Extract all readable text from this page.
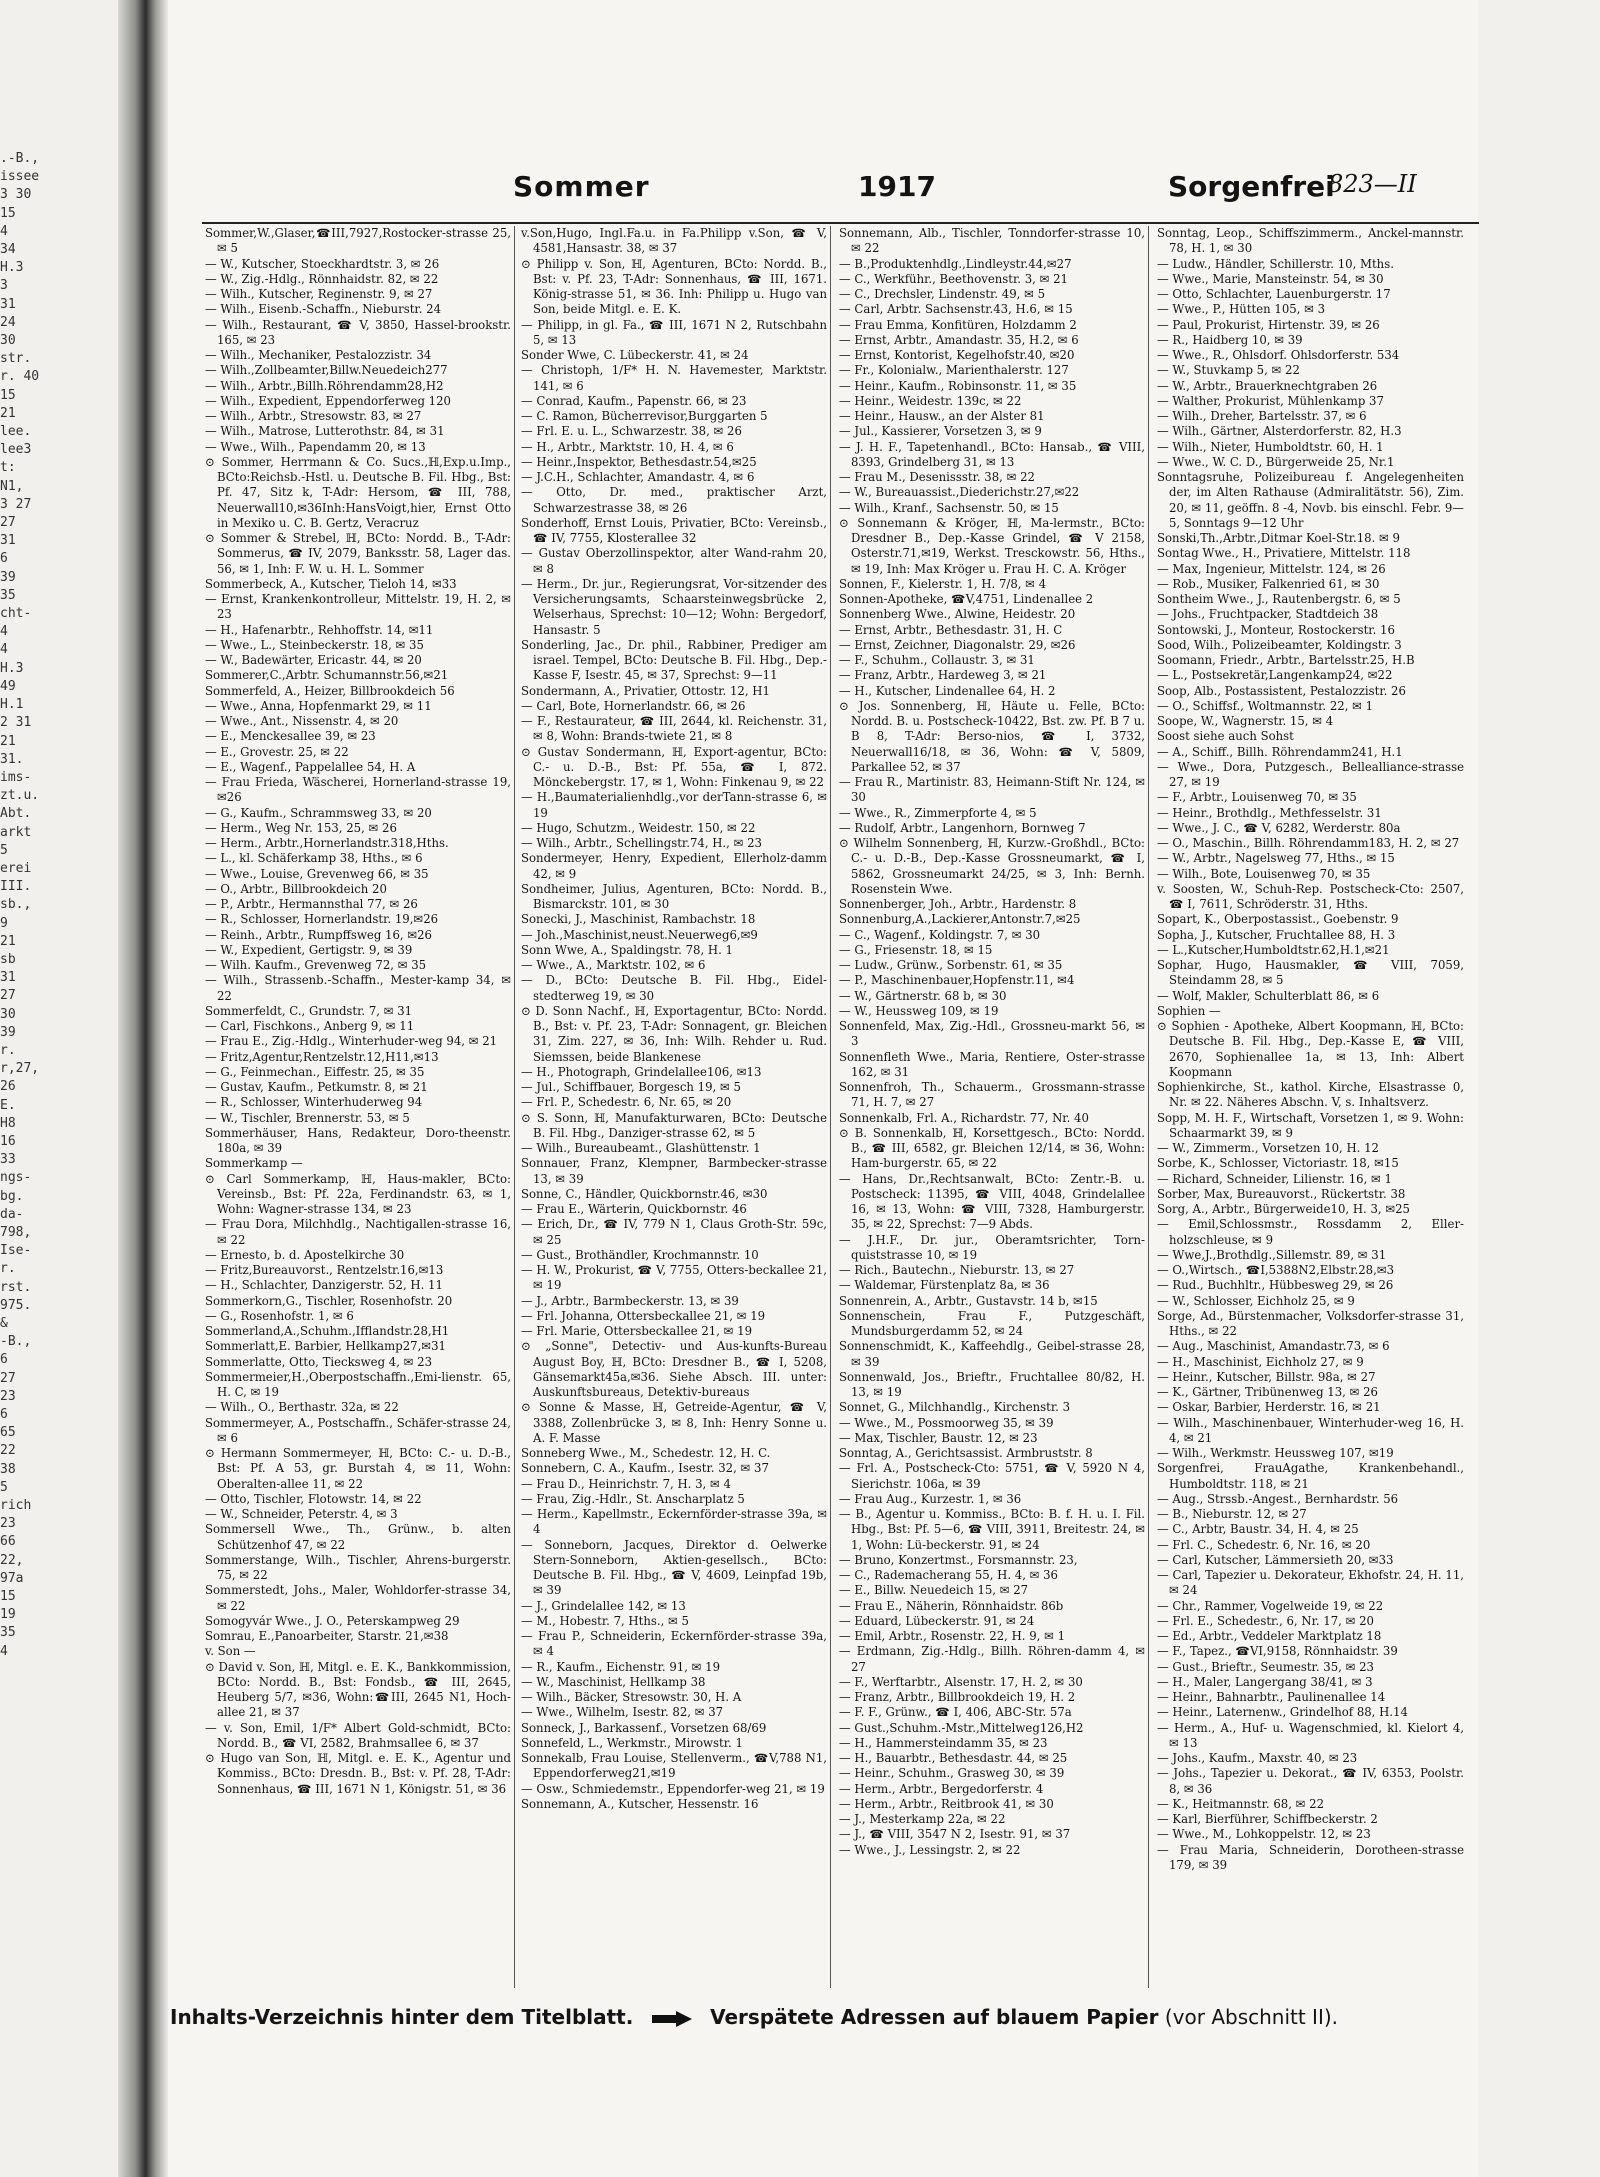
.-B.,
issee
3 30
15
4
34
H.3
3
31
24
30
str.
r. 40
15
21
lee.
lee3
t:
N1,
3 27
27
31
6
39
35
cht-
4
4
H.3
49
H.1
2 31
21
31.
ims-
zt.u.
Abt.
arkt
5
erei
III.
sb.,
9
21
sb
31
27
30
39
r.
r,27,
26
E.
H8
16
33
ngs-
bg.
da-
798,
Ise-
r.
rst.
975.
&
-B.,
6
27
23
6
65
22
38
5
rich
23
66
22,
97a
15
19
35
4
Sommer	1917	Sorgenfrei
823—II

Sommer,W.,Glaser,☎III,7927,Rostocker-strasse 25, ✉ 5

— W., Kutscher, Stoeckhardtstr. 3, ✉ 26

— W., Zig.-Hdlg., Rönnhaidstr. 82, ✉ 22

— Wilh., Kutscher, Reginenstr. 9, ✉ 27

— Wilh., Eisenb.-Schaffn., Nieburstr. 24

— Wilh., Restaurant, ☎ V, 3850, Hassel-brookstr. 165, ✉ 23

— Wilh., Mechaniker, Pestalozzistr. 34

— Wilh.,Zollbeamter,Billw.Neuedeich277

— Wilh., Arbtr.,Billh.Röhrendamm28,H2

— Wilh., Expedient, Eppendorferweg 120

— Wilh., Arbtr., Stresowstr. 83, ✉ 27

— Wilh., Matrose, Lutterothstr. 84, ✉ 31

— Wwe., Wilh., Papendamm 20, ✉ 13

⊙ Sommer, Herrmann & Co. Sucs.,ℍ,Exp.u.Imp., BCto:Reichsb.-Hstl. u. Deutsche B. Fil. Hbg., Bst: Pf. 47, Sitz k, T-Adr: Hersom, ☎ III, 788, Neuerwall10,✉36Inh:HansVoigt,hier, Ernst Otto in Mexiko u. C. B. Gertz, Veracruz

⊙ Sommer & Strebel, ℍ, BCto: Nordd. B., T-Adr: Sommerus, ☎ IV, 2079, Banksstr. 58, Lager das. 56, ✉ 1, Inh: F. W. u. H. L. Sommer

Sommerbeck, A., Kutscher, Tieloh 14, ✉33

— Ernst, Krankenkontrolleur, Mittelstr. 19, H. 2, ✉ 23

— H., Hafenarbtr., Rehhoffstr. 14, ✉11

— Wwe., L., Steinbeckerstr. 18, ✉ 35

— W., Badewärter, Ericastr. 44, ✉ 20

Sommerer,C.,Arbtr. Schumannstr.56,✉21

Sommerfeld, A., Heizer, Billbrookdeich 56

— Wwe., Anna, Hopfenmarkt 29, ✉ 11

— Wwe., Ant., Nissenstr. 4, ✉ 20

— E., Menckesallee 39, ✉ 23

— E., Grovestr. 25, ✉ 22

— E., Wagenf., Pappelallee 54, H. A

— Frau Frieda, Wäscherei, Hornerland-strasse 19,✉26

— G., Kaufm., Schrammsweg 33, ✉ 20

— Herm., Weg Nr. 153, 25, ✉ 26

— Herm., Arbtr.,Hornerlandstr.318,Hths.

— L., kl. Schäferkamp 38, Hths., ✉ 6

— Wwe., Louise, Grevenweg 66, ✉ 35

— O., Arbtr., Billbrookdeich 20

— P., Arbtr., Hermannsthal 77, ✉ 26

— R., Schlosser, Hornerlandstr. 19,✉26

— Reinh., Arbtr., Rumpffsweg 16, ✉26

— W., Expedient, Gertigstr. 9, ✉ 39

— Wilh. Kaufm., Grevenweg 72, ✉ 35

— Wilh., Strassenb.-Schaffn., Mester-kamp 34, ✉ 22

Sommerfeldt, C., Grundstr. 7, ✉ 31

— Carl, Fischkons., Anberg 9, ✉ 11

— Frau E., Zig.-Hdlg., Winterhuder-weg 94, ✉ 21

— Fritz,Agentur,Rentzelstr.12,H11,✉13

— G., Feinmechan., Eiffestr. 25, ✉ 35

— Gustav, Kaufm., Petkumstr. 8, ✉ 21

— R., Schlosser, Winterhuderweg 94

— W., Tischler, Brennerstr. 53, ✉ 5

Sommerhäuser, Hans, Redakteur, Doro-theenstr. 180a, ✉ 39

Sommerkamp —

⊙ Carl Sommerkamp, ℍ, Haus-makler, BCto: Vereinsb., Bst: Pf. 22a, Ferdinandstr. 63, ✉ 1, Wohn: Wagner-strasse 134, ✉ 23

— Frau Dora, Milchhdlg., Nachtigallen-strasse 16, ✉ 22

— Ernesto, b. d. Apostelkirche 30

— Fritz,Bureauvorst., Rentzelstr.16,✉13

— H., Schlachter, Danzigerstr. 52, H. 11

Sommerkorn,G., Tischler, Rosenhofstr. 20

— G., Rosenhofstr. 1, ✉ 6

Sommerland,A.,Schuhm.,Ifflandstr.28,H1

Sommerlatt,E. Barbier, Hellkamp27,✉31

Sommerlatte, Otto, Tiecksweg 4, ✉ 23

Sommermeier,H.,Oberpostschaffn.,Emi-lienstr. 65, H. C, ✉ 19

— Wilh., O., Berthastr. 32a, ✉ 22

Sommermeyer, A., Postschaffn., Schäfer-strasse 24, ✉ 6

⊙ Hermann Sommermeyer, ℍ, BCto: C.- u. D.-B., Bst: Pf. A 53, gr. Burstah 4, ✉ 11, Wohn: Oberalten-allee 11, ✉ 22

— Otto, Tischler, Flotowstr. 14, ✉ 22

— W., Schneider, Peterstr. 4, ✉ 3

Sommersell Wwe., Th., Grünw., b. alten Schützenhof 47, ✉ 22

Sommerstange, Wilh., Tischler, Ahrens-burgerstr. 75, ✉ 22

Sommerstedt, Johs., Maler, Wohldorfer-strasse 34, ✉ 22

Somogyvár Wwe., J. O., Peterskampweg 29

Somrau, E.,Panoarbeiter, Starstr. 21,✉38

v. Son —

⊙ David v. Son, ℍ, Mitgl. e. E. K., Bankkommission, BCto: Nordd. B., Bst: Fondsb., ☎ III, 2645, Heuberg 5/7, ✉36, Wohn:☎III, 2645 N1, Hoch-allee 21, ✉ 37

— v. Son, Emil, 1/F* Albert Gold-schmidt, BCto: Nordd. B., ☎ VI, 2582, Brahmsallee 6, ✉ 37

⊙ Hugo van Son, ℍ, Mitgl. e. E. K., Agentur und Kommiss., BCto: Dresdn. B., Bst: v. Pf. 28, T-Adr: Sonnenhaus, ☎ III, 1671 N 1, Königstr. 51, ✉ 36

v.Son,Hugo, Ingl.Fa.u. in Fa.Philipp v.Son, ☎ V, 4581,Hansastr. 38, ✉ 37

⊙ Philipp v. Son, ℍ, Agenturen, BCto: Nordd. B., Bst: v. Pf. 23, T-Adr: Sonnenhaus, ☎ III, 1671. König-strasse 51, ✉ 36. Inh: Philipp u. Hugo van Son, beide Mitgl. e. E. K.

— Philipp, in gl. Fa., ☎ III, 1671 N 2, Rutschbahn 5, ✉ 13

Sonder Wwe, C. Lübeckerstr. 41, ✉ 24

— Christoph, 1/F* H. N. Havemester, Marktstr. 141, ✉ 6

— Conrad, Kaufm., Papenstr. 66, ✉ 23

— C. Ramon, Bücherrevisor,Burggarten 5

— Frl. E. u. L., Schwarzestr. 38, ✉ 26

— H., Arbtr., Marktstr. 10, H. 4, ✉ 6

— Heinr.,Inspektor, Bethesdastr.54,✉25

— J.C.H., Schlachter, Amandastr. 4, ✉ 6

— Otto, Dr. med., praktischer Arzt, Schwarzestrasse 38, ✉ 26

Sonderhoff, Ernst Louis, Privatier, BCto: Vereinsb., ☎ IV, 7755, Klosterallee 32

— Gustav Oberzollinspektor, alter Wand-rahm 20, ✉ 8

— Herm., Dr. jur., Regierungsrat, Vor-sitzender des Versicherungsamts, Schaarsteinwegsbrücke 2, Welserhaus, Sprechst: 10—12; Wohn: Bergedorf, Hansastr. 5

Sonderling, Jac., Dr. phil., Rabbiner, Prediger am israel. Tempel, BCto: Deutsche B. Fil. Hbg., Dep.-Kasse F, Isestr. 45, ✉ 37, Sprechst: 9—11

Sondermann, A., Privatier, Ottostr. 12, H1

— Carl, Bote, Hornerlandstr. 66, ✉ 26

— F., Restaurateur, ☎ III, 2644, kl. Reichenstr. 31, ✉ 8, Wohn: Brands-twiete 21, ✉ 8

⊙ Gustav Sondermann, ℍ, Export-agentur, BCto: C.- u. D.-B., Bst: Pf. 55a, ☎ I, 872. Mönckebergstr. 17, ✉ 1, Wohn: Finkenau 9, ✉ 22

— H.,Baumaterialienhdlg.,vor derTann-strasse 6, ✉ 19

— Hugo, Schutzm., Weidestr. 150, ✉ 22

— Wilh., Arbtr., Schellingstr.74, H., ✉ 23

Sondermeyer, Henry, Expedient, Ellerholz-damm 42, ✉ 9

Sondheimer, Julius, Agenturen, BCto: Nordd. B., Bismarckstr. 101, ✉ 30

Sonecki, J., Maschinist, Rambachstr. 18

— Joh.,Maschinist,neust.Neuerweg6,✉9

Sonn Wwe, A., Spaldingstr. 78, H. 1

— Wwe., A., Marktstr. 102, ✉ 6

— D., BCto: Deutsche B. Fil. Hbg., Eidel-stedterweg 19, ✉ 30

⊙ D. Sonn Nachf., ℍ, Exportagentur, BCto: Nordd. B., Bst: v. Pf. 23, T-Adr: Sonnagent, gr. Bleichen 31, Zim. 227, ✉ 36, Inh: Wilh. Rehder u. Rud. Siemssen, beide Blankenese

— H., Photograph, Grindelallee106, ✉13

— Jul., Schiffbauer, Borgesch 19, ✉ 5

— Frl. P., Schedestr. 6, Nr. 65, ✉ 20

⊙ S. Sonn, ℍ, Manufakturwaren, BCto: Deutsche B. Fil. Hbg., Danziger-strasse 62, ✉ 5

— Wilh., Bureaubeamt., Glashüttenstr. 1

Sonnauer, Franz, Klempner, Barmbecker-strasse 13, ✉ 39

Sonne, C., Händler, Quickbornstr.46, ✉30

— Frau E., Wärterin, Quickbornstr. 46

— Erich, Dr., ☎ IV, 779 N 1, Claus Groth-Str. 59c, ✉ 25

— Gust., Brothändler, Krochmannstr. 10

— H. W., Prokurist, ☎ V, 7755, Otters-beckallee 21, ✉ 19

— J., Arbtr., Barmbeckerstr. 13, ✉ 39

— Frl. Johanna, Ottersbeckallee 21, ✉ 19

— Frl. Marie, Ottersbeckallee 21, ✉ 19

⊙ „Sonne", Detectiv- und Aus-kunfts-Bureau August Boy, ℍ, BCto: Dresdner B., ☎ I, 5208, Gänsemarkt45a,✉36. Siehe Absch. III. unter: Auskunftsbureaus, Detektiv-bureaus

⊙ Sonne & Masse, ℍ, Getreide-Agentur, ☎ V, 3388, Zollenbrücke 3, ✉ 8, Inh: Henry Sonne u. A. F. Masse

Sonneberg Wwe., M., Schedestr. 12, H. C.

Sonnebern, C. A., Kaufm., Isestr. 32, ✉ 37

— Frau D., Heinrichstr. 7, H. 3, ✉ 4

— Frau, Zig.-Hdlr., St. Anscharplatz 5

— Herm., Kapellmstr., Eckernförder-strasse 39a, ✉ 4

— Sonneborn, Jacques, Direktor d. Oelwerke Stern-Sonneborn, Aktien-gesellsch., BCto: Deutsche B. Fil. Hbg., ☎ V, 4609, Leinpfad 19b, ✉ 39

— J., Grindelallee 142, ✉ 13

— M., Hobestr. 7, Hths., ✉ 5

— Frau P., Schneiderin, Eckernförder-strasse 39a, ✉ 4

— R., Kaufm., Eichenstr. 91, ✉ 19

— W., Maschinist, Hellkamp 38

— Wilh., Bäcker, Stresowstr. 30, H. A

— Wwe., Wilhelm, Isestr. 82, ✉ 37

Sonneck, J., Barkassenf., Vorsetzen 68/69

Sonnefeld, L., Werkmstr., Mirowstr. 1

Sonnekalb, Frau Louise, Stellenverm., ☎V,788 N1, Eppendorferweg21,✉19

— Osw., Schmiedemstr., Eppendorfer-weg 21, ✉ 19

Sonnemann, A., Kutscher, Hessenstr. 16

Sonnemann, Alb., Tischler, Tonndorfer-strasse 10, ✉ 22

— B.,Produktenhdlg.,Lindleystr.44,✉27

— C., Werkführ., Beethovenstr. 3, ✉ 21

— C., Drechsler, Lindenstr. 49, ✉ 5

— Carl, Arbtr. Sachsenstr.43, H.6, ✉ 15

— Frau Emma, Konfitüren, Holzdamm 2

— Ernst, Arbtr., Amandastr. 35, H.2, ✉ 6

— Ernst, Kontorist, Kegelhofstr.40, ✉20

— Fr., Kolonialw., Marienthalerstr. 127

— Heinr., Kaufm., Robinsonstr. 11, ✉ 35

— Heinr., Weidestr. 139c, ✉ 22

— Heinr., Hausw., an der Alster 81

— Jul., Kassierer, Vorsetzen 3, ✉ 9

— J. H. F., Tapetenhandl., BCto: Hansab., ☎ VIII, 8393, Grindelberg 31, ✉ 13

— Frau M., Desenissstr. 38, ✉ 22

— W., Bureauassist.,Diederichstr.27,✉22

— Wilh., Kranf., Sachsenstr. 50, ✉ 15

⊙ Sonnemann & Kröger, ℍ, Ma-lermstr., BCto: Dresdner B., Dep.-Kasse Grindel, ☎ V 2158, Osterstr.71,✉19, Werkst. Tresckowstr. 56, Hths., ✉ 19, Inh: Max Kröger u. Frau H. C. A. Kröger

Sonnen, F., Kielerstr. 1, H. 7/8, ✉ 4

Sonnen-Apotheke, ☎V,4751, Lindenallee 2

Sonnenberg Wwe., Alwine, Heidestr. 20

— Ernst, Arbtr., Bethesdastr. 31, H. C

— Ernst, Zeichner, Diagonalstr. 29, ✉26

— F., Schuhm., Collaustr. 3, ✉ 31

— Franz, Arbtr., Hardeweg 3, ✉ 21

— H., Kutscher, Lindenallee 64, H. 2

⊙ Jos. Sonnenberg, ℍ, Häute u. Felle, BCto: Nordd. B. u. Postscheck-10422, Bst. zw. Pf. B 7 u. B 8, T-Adr: Berso-nios, ☎ I, 3732, Neuerwall16/18, ✉ 36, Wohn: ☎ V, 5809, Parkallee 52, ✉ 37

— Frau R., Martinistr. 83, Heimann-Stift Nr. 124, ✉ 30

— Wwe., R., Zimmerpforte 4, ✉ 5

— Rudolf, Arbtr., Langenhorn, Bornweg 7

⊙ Wilhelm Sonnenberg, ℍ, Kurzw.-Großhdl., BCto: C.- u. D.-B., Dep.-Kasse Grossneumarkt, ☎ I, 5862, Grossneumarkt 24/25, ✉ 3, Inh: Bernh. Rosenstein Wwe.

Sonnenberger, Joh., Arbtr., Hardenstr. 8

Sonnenburg,A.,Lackierer,Antonstr.7,✉25

— C., Wagenf., Koldingstr. 7, ✉ 30

— G., Friesenstr. 18, ✉ 15

— Ludw., Grünw., Sorbenstr. 61, ✉ 35

— P., Maschinenbauer,Hopfenstr.11, ✉4

— W., Gärtnerstr. 68 b, ✉ 30

— W., Heussweg 109, ✉ 19

Sonnenfeld, Max, Zig.-Hdl., Grossneu-markt 56, ✉ 3

Sonnenfleth Wwe., Maria, Rentiere, Oster-strasse 162, ✉ 31

Sonnenfroh, Th., Schauerm., Grossmann-strasse 71, H. 7, ✉ 27

Sonnenkalb, Frl. A., Richardstr. 77, Nr. 40

⊙ B. Sonnenkalb, ℍ, Korsettgesch., BCto: Nordd. B., ☎ III, 6582, gr. Bleichen 12/14, ✉ 36, Wohn: Ham-burgerstr. 65, ✉ 22

— Hans, Dr.,Rechtsanwalt, BCto: Zentr.-B. u. Postscheck: 11395, ☎ VIII, 4048, Grindelallee 16, ✉ 13, Wohn: ☎ VIII, 7328, Hamburgerstr. 35, ✉ 22, Sprechst: 7—9 Abds.

— J.H.F., Dr. jur., Oberamtsrichter, Torn-quiststrasse 10, ✉ 19

— Rich., Bautechn., Nieburstr. 13, ✉ 27

— Waldemar, Fürstenplatz 8a, ✉ 36

Sonnenrein, A., Arbtr., Gustavstr. 14 b, ✉15

Sonnenschein, Frau F., Putzgeschäft, Mundsburgerdamm 52, ✉ 24

Sonnenschmidt, K., Kaffeehdlg., Geibel-strasse 28, ✉ 39

Sonnenwald, Jos., Brieftr., Fruchtallee 80/82, H. 13, ✉ 19

Sonnet, G., Milchhandlg., Kirchenstr. 3

— Wwe., M., Possmoorweg 35, ✉ 39

— Max, Tischler, Baustr. 12, ✉ 23

Sonntag, A., Gerichtsassist. Armbruststr. 8

— Frl. A., Postscheck-Cto: 5751, ☎ V, 5920 N 4, Sierichstr. 106a, ✉ 39

— Frau Aug., Kurzestr. 1, ✉ 36

— B., Agentur u. Kommiss., BCto: B. f. H. u. I. Fil. Hbg., Bst: Pf. 5—6, ☎ VIII, 3911, Breitestr. 24, ✉ 1, Wohn: Lü-beckerstr. 91, ✉ 24

— Bruno, Konzertmst., Forsmannstr. 23,

— C., Rademacherang 55, H. 4, ✉ 36

— E., Billw. Neuedeich 15, ✉ 27

— Frau E., Näherin, Rönnhaidstr. 86b

— Eduard, Lübeckerstr. 91, ✉ 24

— Emil, Arbtr., Rosenstr. 22, H. 9, ✉ 1

— Erdmann, Zig.-Hdlg., Billh. Röhren-damm 4, ✉ 27

— F., Werftarbtr., Alsenstr. 17, H. 2, ✉ 30

— Franz, Arbtr., Billbrookdeich 19, H. 2

— F. F., Grünw., ☎ I, 406, ABC-Str. 57a

— Gust.,Schuhm.-Mstr.,Mittelweg126,H2

— H., Hammersteindamm 35, ✉ 23

— H., Bauarbtr., Bethesdastr. 44, ✉ 25

— Heinr., Schuhm., Grasweg 30, ✉ 39

— Herm., Arbtr., Bergedorferstr. 4

— Herm., Arbtr., Reitbrook 41, ✉ 30

— J., Mesterkamp 22a, ✉ 22

— J., ☎ VIII, 3547 N 2, Isestr. 91, ✉ 37

— Wwe., J., Lessingstr. 2, ✉ 22

Sonntag, Leop., Schiffszimmerm., Anckel-mannstr. 78, H. 1, ✉ 30

— Ludw., Händler, Schillerstr. 10, Mths.

— Wwe., Marie, Mansteinstr. 54, ✉ 30

— Otto, Schlachter, Lauenburgerstr. 17

— Wwe., P., Hütten 105, ✉ 3

— Paul, Prokurist, Hirtenstr. 39, ✉ 26

— R., Haidberg 10, ✉ 39

— Wwe., R., Ohlsdorf. Ohlsdorferstr. 534

— W., Stuvkamp 5, ✉ 22

— W., Arbtr., Brauerknechtgraben 26

— Walther, Prokurist, Mühlenkamp 37

— Wilh., Dreher, Bartelsstr. 37, ✉ 6

— Wilh., Gärtner, Alsterdorferstr. 82, H.3

— Wilh., Nieter, Humboldtstr. 60, H. 1

— Wwe., W. C. D., Bürgerweide 25, Nr.1

Sonntagsruhe, Polizeibureau f. Angelegenheiten der, im Alten Rathause (Admiralitätstr. 56), Zim. 20, ✉ 11, geöffn. 8 -4, Novb. bis einschl. Febr. 9—5, Sonntags 9—12 Uhr

Sonski,Th.,Arbtr.,Ditmar Koel-Str.18. ✉ 9

Sontag Wwe., H., Privatiere, Mittelstr. 118

— Max, Ingenieur, Mittelstr. 124, ✉ 26

— Rob., Musiker, Falkenried 61, ✉ 30

Sontheim Wwe., J., Rautenbergstr. 6, ✉ 5

— Johs., Fruchtpacker, Stadtdeich 38

Sontowski, J., Monteur, Rostockerstr. 16

Sood, Wilh., Polizeibeamter, Koldingstr. 3

Soomann, Friedr., Arbtr., Bartelsstr.25, H.B

— L., Postsekretär,Langenkamp24, ✉22

Soop, Alb., Postassistent, Pestalozzistr. 26

— O., Schiffsf., Woltmannstr. 22, ✉ 1

Soope, W., Wagnerstr. 15, ✉ 4

Soost siehe auch Sohst

— A., Schiff., Billh. Röhrendamm241, H.1

— Wwe., Dora, Putzgesch., Bellealliance-strasse 27, ✉ 19

— F., Arbtr., Louisenweg 70, ✉ 35

— Heinr., Brothdlg., Methfesselstr. 31

— Wwe., J. C., ☎ V, 6282, Werderstr. 80a

— O., Maschin., Billh. Röhrendamm183, H. 2, ✉ 27

— W., Arbtr., Nagelsweg 77, Hths., ✉ 15

— Wilh., Bote, Louisenweg 70, ✉ 35

v. Soosten, W., Schuh-Rep. Postscheck-Cto: 2507, ☎ I, 7611, Schröderstr. 31, Hths.

Sopart, K., Oberpostassist., Goebenstr. 9

Sopha, J., Kutscher, Fruchtallee 88, H. 3

— L.,Kutscher,Humboldtstr.62,H.1,✉21

Sophar, Hugo, Hausmakler, ☎ VIII, 7059, Steindamm 28, ✉ 5

— Wolf, Makler, Schulterblatt 86, ✉ 6

Sophien —

⊙ Sophien - Apotheke, Albert Koopmann, ℍ, BCto: Deutsche B. Fil. Hbg., Dep.-Kasse E, ☎ VIII, 2670, Sophienallee 1a, ✉ 13, Inh: Albert Koopmann

Sophienkirche, St., kathol. Kirche, Elsastrasse 0, Nr. ✉ 22. Näheres Abschn. V, s. Inhaltsverz.

Sopp, M. H. F., Wirtschaft, Vorsetzen 1, ✉ 9. Wohn: Schaarmarkt 39, ✉ 9

— W., Zimmerm., Vorsetzen 10, H. 12

Sorbe, K., Schlosser, Victoriastr. 18, ✉15

— Richard, Schneider, Lilienstr. 16, ✉ 1

Sorber, Max, Bureauvorst., Rückertstr. 38

Sorg, A., Arbtr., Bürgerweide10, H. 3, ✉25

— Emil,Schlossmstr., Rossdamm 2, Eller-holzschleuse, ✉ 9

— Wwe,J.,Brothdlg.,Sillemstr. 89, ✉ 31

— O.,Wirtsch., ☎I,5388N2,Elbstr.28,✉3

— Rud., Buchhltr., Hübbesweg 29, ✉ 26

— W., Schlosser, Eichholz 25, ✉ 9

Sorge, Ad., Bürstenmacher, Volksdorfer-strasse 31, Hths., ✉ 22

— Aug., Maschinist, Amandastr.73, ✉ 6

— H., Maschinist, Eichholz 27, ✉ 9

— Heinr., Kutscher, Billstr. 98a, ✉ 27

— K., Gärtner, Tribünenweg 13, ✉ 26

— Oskar, Barbier, Herderstr. 16, ✉ 21

— Wilh., Maschinenbauer, Winterhuder-weg 16, H. 4, ✉ 21

— Wilh., Werkmstr. Heussweg 107, ✉19

Sorgenfrei, FrauAgathe, Krankenbehandl., Humboldtstr. 118, ✉ 21

— Aug., Strssb.-Angest., Bernhardstr. 56

— B., Nieburstr. 12, ✉ 27

— C., Arbtr, Baustr. 34, H. 4, ✉ 25

— Frl. C., Schedestr. 6, Nr. 16, ✉ 20

— Carl, Kutscher, Lämmersieth 20, ✉33

— Carl, Tapezier u. Dekorateur, Ekhofstr. 24, H. 11, ✉ 24

— Chr., Rammer, Vogelweide 19, ✉ 22

— Frl. E., Schedestr., 6, Nr. 17, ✉ 20

— Ed., Arbtr., Veddeler Marktplatz 18

— F., Tapez., ☎VI,9158, Rönnhaidstr. 39

— Gust., Brieftr., Seumestr. 35, ✉ 23

— H., Maler, Langergang 38/41, ✉ 3

— Heinr., Bahnarbtr., Paulinenallee 14

— Heinr., Laternenw., Grindelhof 88, H.14

— Herm., A., Huf- u. Wagenschmied, kl. Kielort 4, ✉ 13

— Johs., Kaufm., Maxstr. 40, ✉ 23

— Johs., Tapezier u. Dekorat., ☎ IV, 6353, Poolstr. 8, ✉ 36

— K., Heitmannstr. 68, ✉ 22

— Karl, Bierführer, Schiffbeckerstr. 2

— Wwe., M., Lohkoppelstr. 12, ✉ 23

— Frau Maria, Schneiderin, Dorotheen-strasse 179, ✉ 39

Inhalts-Verzeichnis hinter dem Titelblatt.	Verspätete Adressen auf blauem Papier (vor Abschnitt II).
